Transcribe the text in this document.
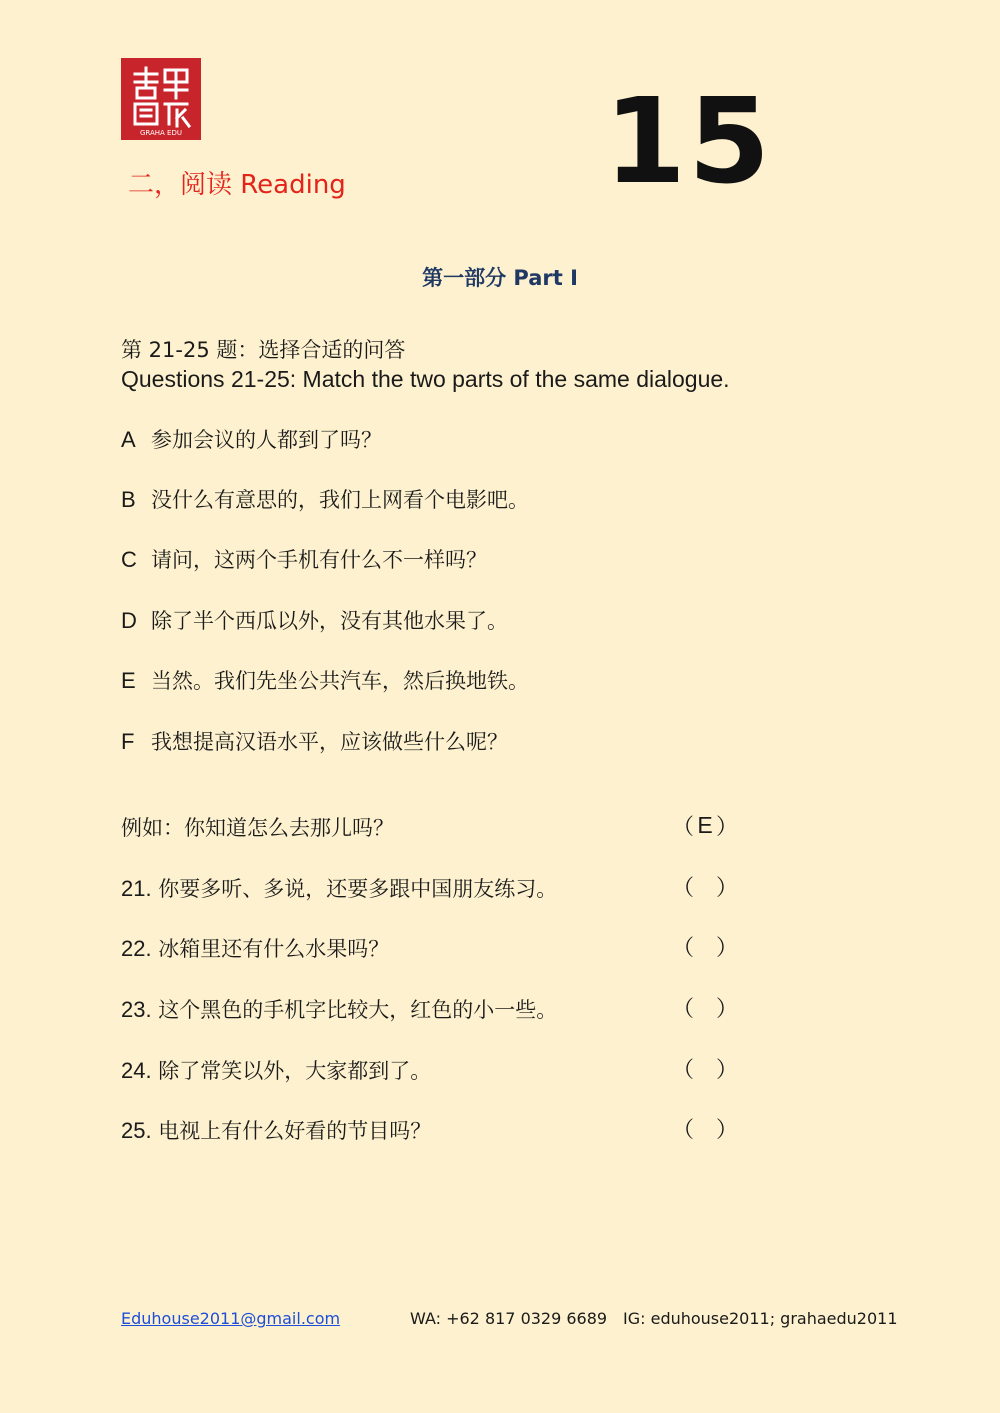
GRAHA EDU
二，阅读 Reading 15
第一部分 Part I
第 21-25 题：选择合适的问答
Questions 21-25: Match the two parts of the same dialogue.
A 参加会议的人都到了吗？
B 没什么有意思的，我们上网看个电影吧。
C 请问，这两个手机有什么不一样吗？
D 除了半个西瓜以外，没有其他水果了。
E 当然。我们先坐公共汽车，然后换地铁。
F 我想提高汉语水平，应该做些什么呢？
例如：你知道怎么去那儿吗？	（ E ）
21. 你要多听、多说，还要多跟中国朋友练习。	（ ）
22. 冰箱里还有什么水果吗？	（ ）
23. 这个黑色的手机字比较大，红色的小一些。	（ ）
24. 除了常笑以外，大家都到了。	（ ）
25. 电视上有什么好看的节目吗？	（ ）
Eduhouse2011@gmail.com	WA: +62 817 0329 6689 IG: eduhouse2011; grahaedu2011
